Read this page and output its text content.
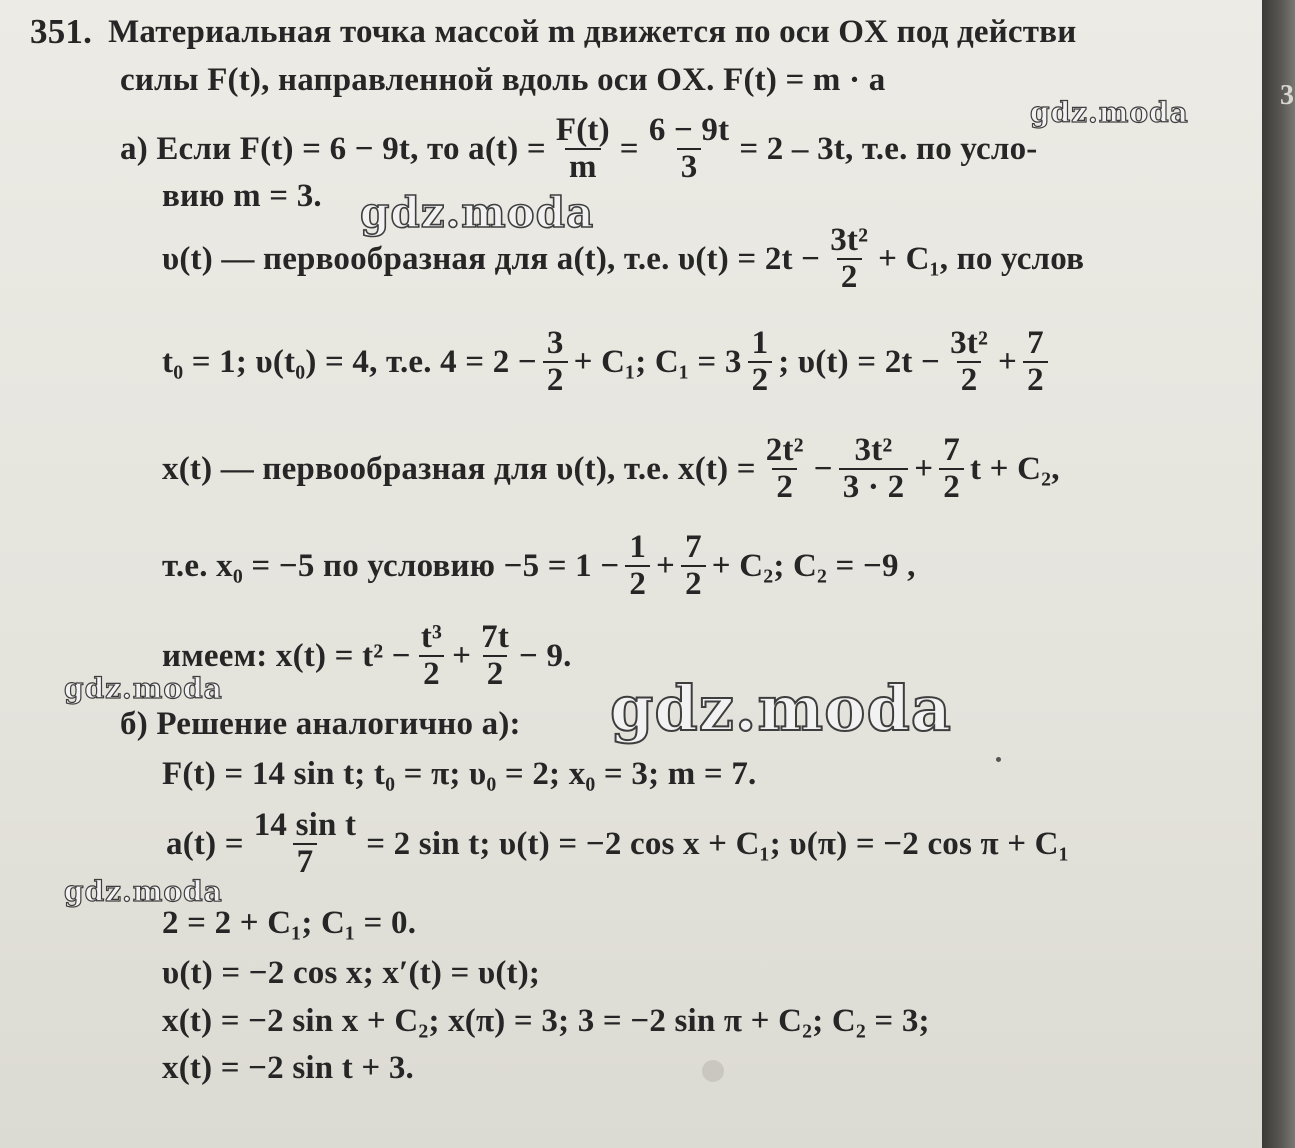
351. Материальная точка массой m движется по оси OX под действи
силы F(t), направленной вдоль оси OX. F(t) = m · a
а) Если F(t) = 6 − 9t, то $a(t) = \frac{F(t)}{m} = \frac{6 - 9t}{3} = 2 - 3t$, т.е. по усло-
вию m = 3.
υ(t) — первообразная для a(t), т.е. $\upsilon(t) = 2t - \frac{\text{3t²}}{2} + C_1$, по услов
t₀ = 1; υ(t₀) = 4, т.е. $4 = 2 - \frac{3}{2} + C_1$; $C_1 = 3 \frac{1}{2}$ ; $\upsilon(t) = 2t - \frac{\text{3t²}}{2} + \frac{7}{2}$
x(t) — первообразная для υ(t), т.е. $x(t) = \frac{\text{2t²}}{2} - \frac{\text{3t²}}{3 \cdot 2} + \frac{7}{2}$ t + C₂,
т.е. x₀ = −5 по условию $-5 = 1 - \frac{1}{2} + \frac{7}{2} + C_2$; C₂ = −9 ,
имеем: $x(t) = t^2 - \frac{\text{t³}}{2} + \frac{7t}{2} - 9$.
б) Решение аналогично а):
F(t) = 14 sin t; t₀ = π; υ₀ = 2; x₀ = 3; m = 7.
$a(t) = \frac{\text{14 sin t}}{7} = 2$ sin t; υ(t) = −2 cos x + C₁; υ(π) = −2 cos π + C₁
2 = 2 + C₁; C₁ = 0.
υ(t) = −2 cos x; x′(t) = υ(t);
x(t) = −2 sin x + C₂; x(π) = 3; 3 = −2 sin π + C₂; C₂ = 3;
x(t) = −2 sin t + 3.
gdz.moda
gdz.moda
gdz.moda	gdz.moda
gdz.moda
3
